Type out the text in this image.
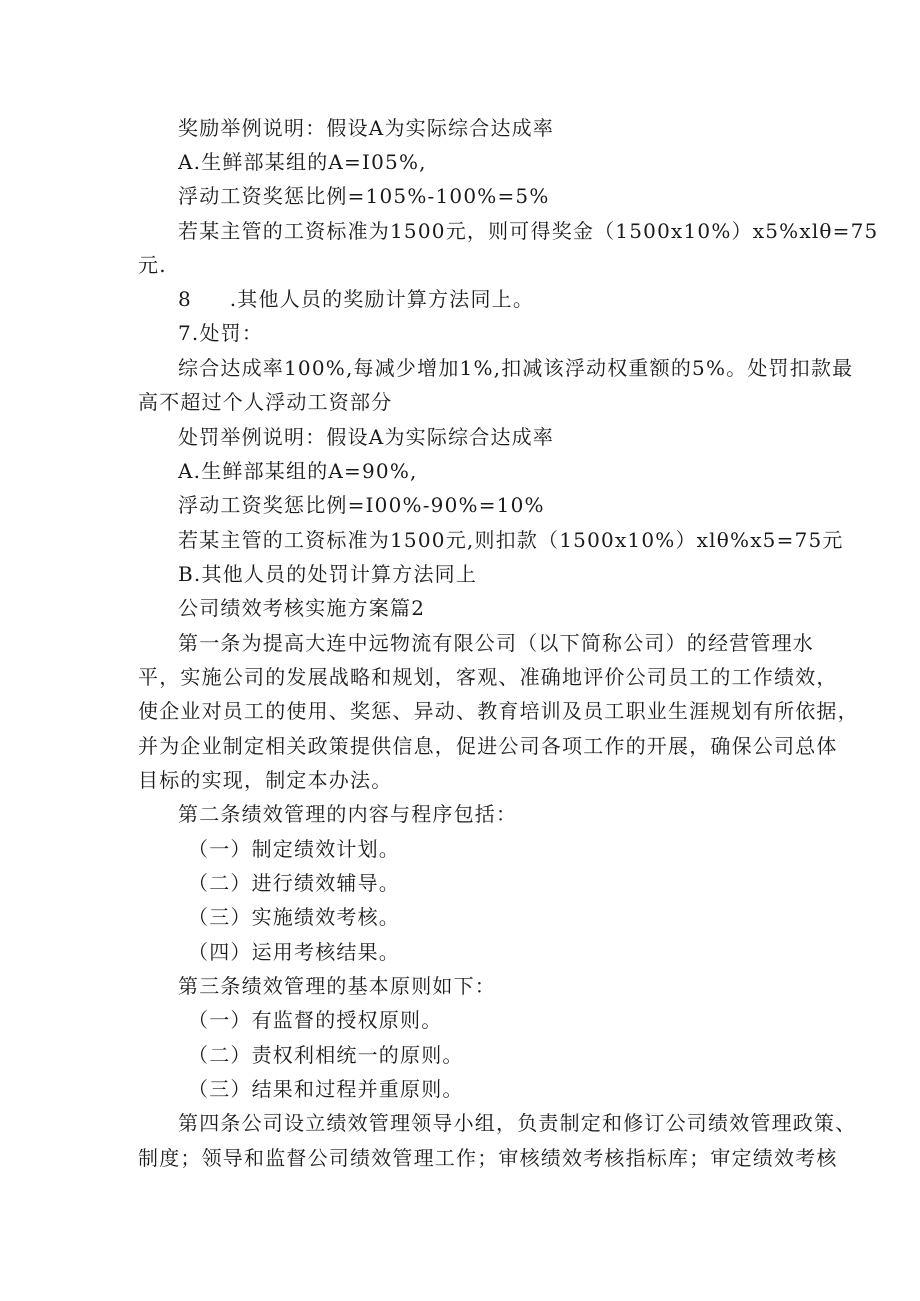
奖励举例说明：假设A为实际综合达成率
A.生鲜部某组的A=I05%,
浮动工资奖惩比例=105%-100%=5%
若某主管的工资标准为1500元，则可得奖金（1500x10%）x5%xlθ=75
元.
8     .其他人员的奖励计算方法同上。
7.处罚：
综合达成率100%,每减少增加1%,扣减该浮动权重额的5%。处罚扣款最
高不超过个人浮动工资部分
处罚举例说明：假设A为实际综合达成率
A.生鲜部某组的A=90%,
浮动工资奖惩比例=I00%-90%=10%
若某主管的工资标准为1500元,则扣款（1500x10%）xlθ%x5=75元
B.其他人员的处罚计算方法同上
公司绩效考核实施方案篇2
第一条为提高大连中远物流有限公司（以下简称公司）的经营管理水
平，实施公司的发展战略和规划，客观、准确地评价公司员工的工作绩效，
使企业对员工的使用、奖惩、异动、教育培训及员工职业生涯规划有所依据，
并为企业制定相关政策提供信息，促进公司各项工作的开展，确保公司总体
目标的实现，制定本办法。
第二条绩效管理的内容与程序包括：
（一）制定绩效计划。
（二）进行绩效辅导。
（三）实施绩效考核。
（四）运用考核结果。
第三条绩效管理的基本原则如下：
（一）有监督的授权原则。
（二）责权利相统一的原则。
（三）结果和过程并重原则。
第四条公司设立绩效管理领导小组，负责制定和修订公司绩效管理政策、
制度；领导和监督公司绩效管理工作；审核绩效考核指标库；审定绩效考核
